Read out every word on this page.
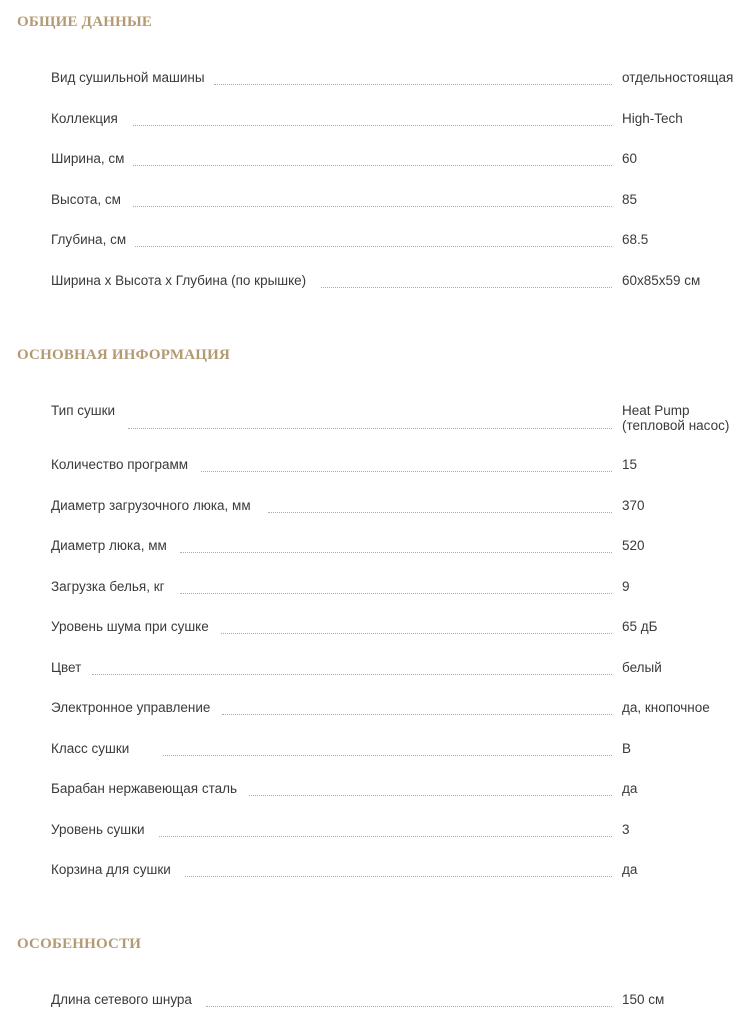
ОБЩИЕ ДАННЫЕ
Вид сушильной машины	отдельностоящая
Коллекция	High-Tech
Ширина, см	60
Высота, см	85
Глубина, см	68.5
Ширина x Высота x Глубина (по крышке)	60x85x59 см
ОСНОВНАЯ ИНФОРМАЦИЯ
Тип сушки	Heat Pump (тепловой насос)
Количество программ	15
Диаметр загрузочного люка, мм	370
Диаметр люка, мм	520
Загрузка белья, кг	9
Уровень шума при сушке	65 дБ
Цвет	белый
Электронное управление	да, кнопочное
Класс сушки	B
Барабан нержавеющая сталь	да
Уровень сушки	3
Корзина для сушки	да
ОСОБЕННОСТИ
Длина сетевого шнура	150 см
